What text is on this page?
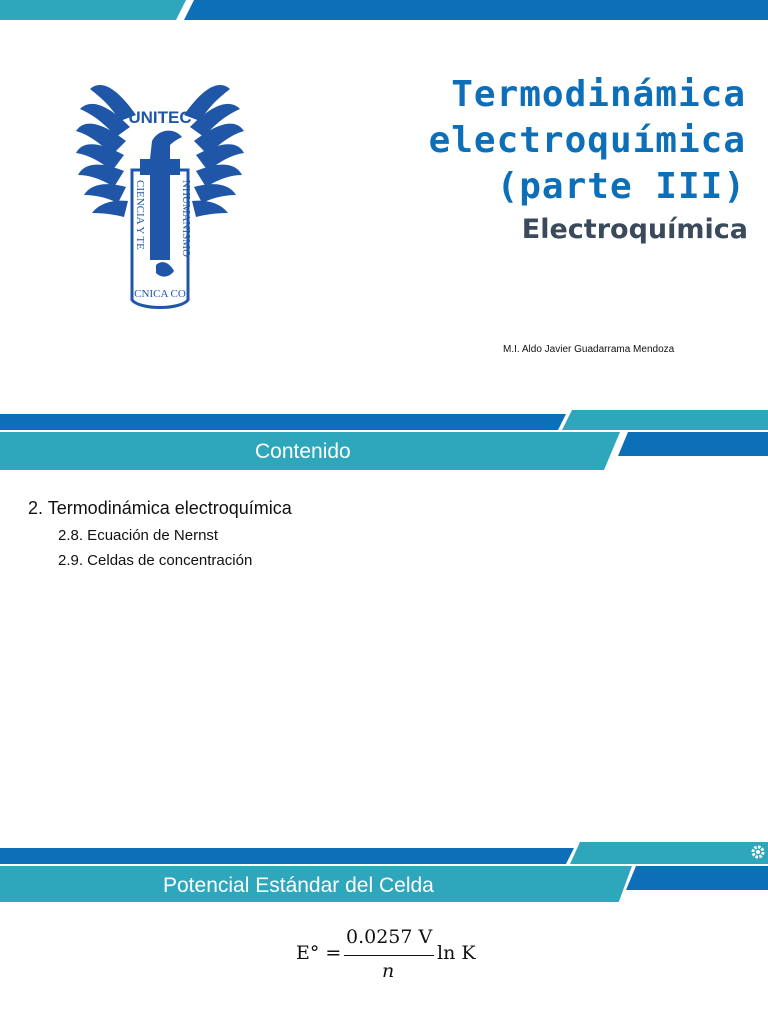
UNITEC
CIENCIA Y TE	NHUMANISMO
CNICA CO
Termodinámica
electroquímica
(parte III)
Electroquímica
M.I. Aldo Javier Guadarrama Mendoza
Contenido
2. Termodinámica electroquímica
2.8. Ecuación de Nernst
2.9. Celdas de concentración
Potencial Estándar del Celda
E° =
0.0257 V
n
ln K
